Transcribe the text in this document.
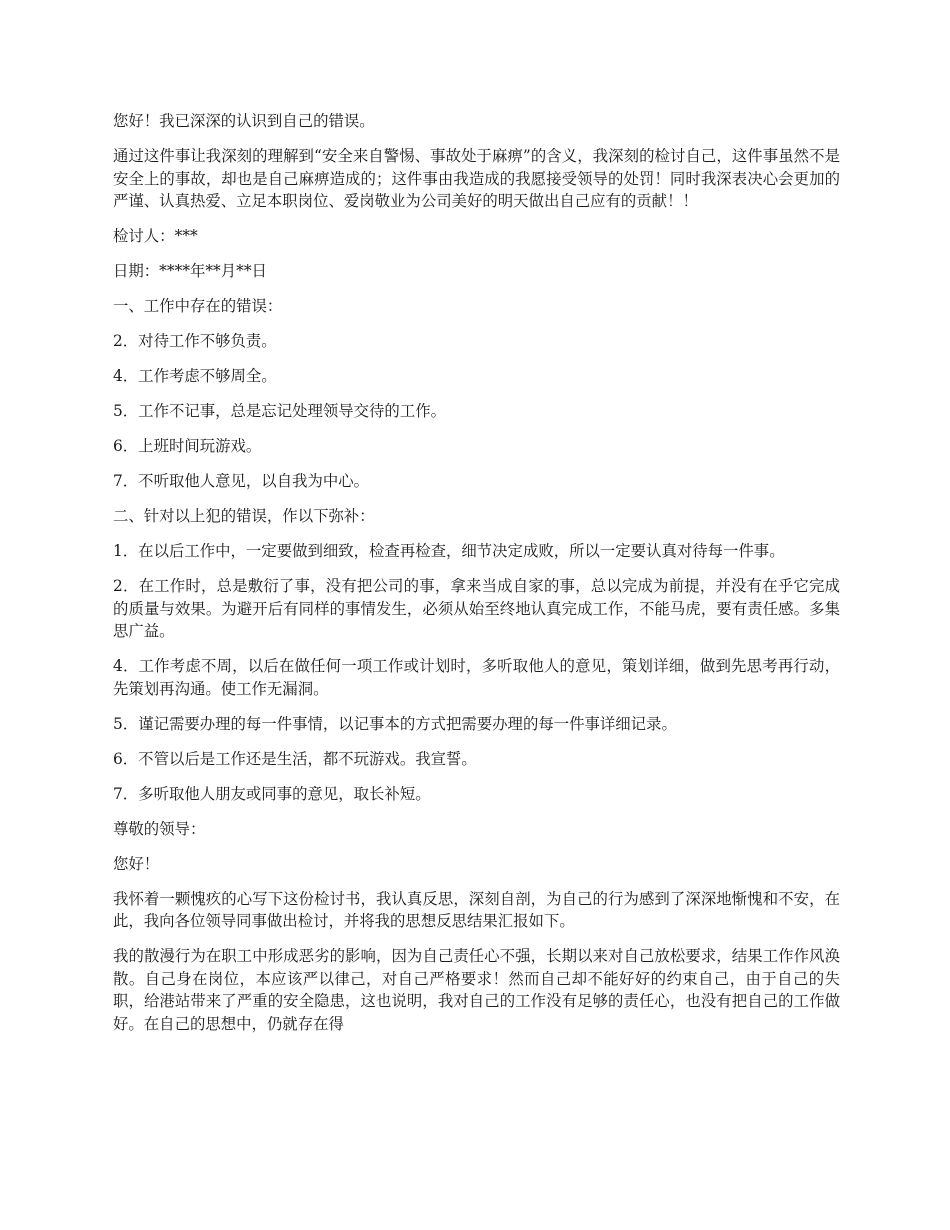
您好！我已深深的认识到自己的错误。

通过这件事让我深刻的理解到“安全来自警惕、事故处于麻痹”的含义，我深刻的检讨自己，这件事虽然不是安全上的事故，却也是自己麻痹造成的；这件事由我造成的我愿接受领导的处罚！同时我深表决心会更加的严谨、认真热爱、立足本职岗位、爱岗敬业为公司美好的明天做出自己应有的贡献！！

检讨人：***

日期：****年**月**日

一、工作中存在的错误：

2．对待工作不够负责。

4．工作考虑不够周全。

5．工作不记事，总是忘记处理领导交待的工作。

6．上班时间玩游戏。

7．不听取他人意见，以自我为中心。

二、针对以上犯的错误，作以下弥补：

1．在以后工作中，一定要做到细致，检查再检查，细节决定成败，所以一定要认真对待每一件事。

2．在工作时，总是敷衍了事，没有把公司的事，拿来当成自家的事，总以完成为前提，并没有在乎它完成的质量与效果。为避开后有同样的事情发生，必须从始至终地认真完成工作，不能马虎，要有责任感。多集思广益。

4．工作考虑不周，以后在做任何一项工作或计划时，多听取他人的意见，策划详细，做到先思考再行动，先策划再沟通。使工作无漏洞。

5．谨记需要办理的每一件事情，以记事本的方式把需要办理的每一件事详细记录。

6．不管以后是工作还是生活，都不玩游戏。我宣誓。

7．多听取他人朋友或同事的意见，取长补短。

尊敬的领导：

您好！

我怀着一颗愧疚的心写下这份检讨书，我认真反思，深刻自剖，为自己的行为感到了深深地惭愧和不安，在此，我向各位领导同事做出检讨，并将我的思想反思结果汇报如下。

我的散漫行为在职工中形成恶劣的影响，因为自己责任心不强，长期以来对自己放松要求，结果工作作风涣散。自己身在岗位，本应该严以律己，对自己严格要求！然而自己却不能好好的约束自己，由于自己的失职，给港站带来了严重的安全隐患，这也说明，我对自己的工作没有足够的责任心，也没有把自己的工作做好。在自己的思想中，仍就存在得
